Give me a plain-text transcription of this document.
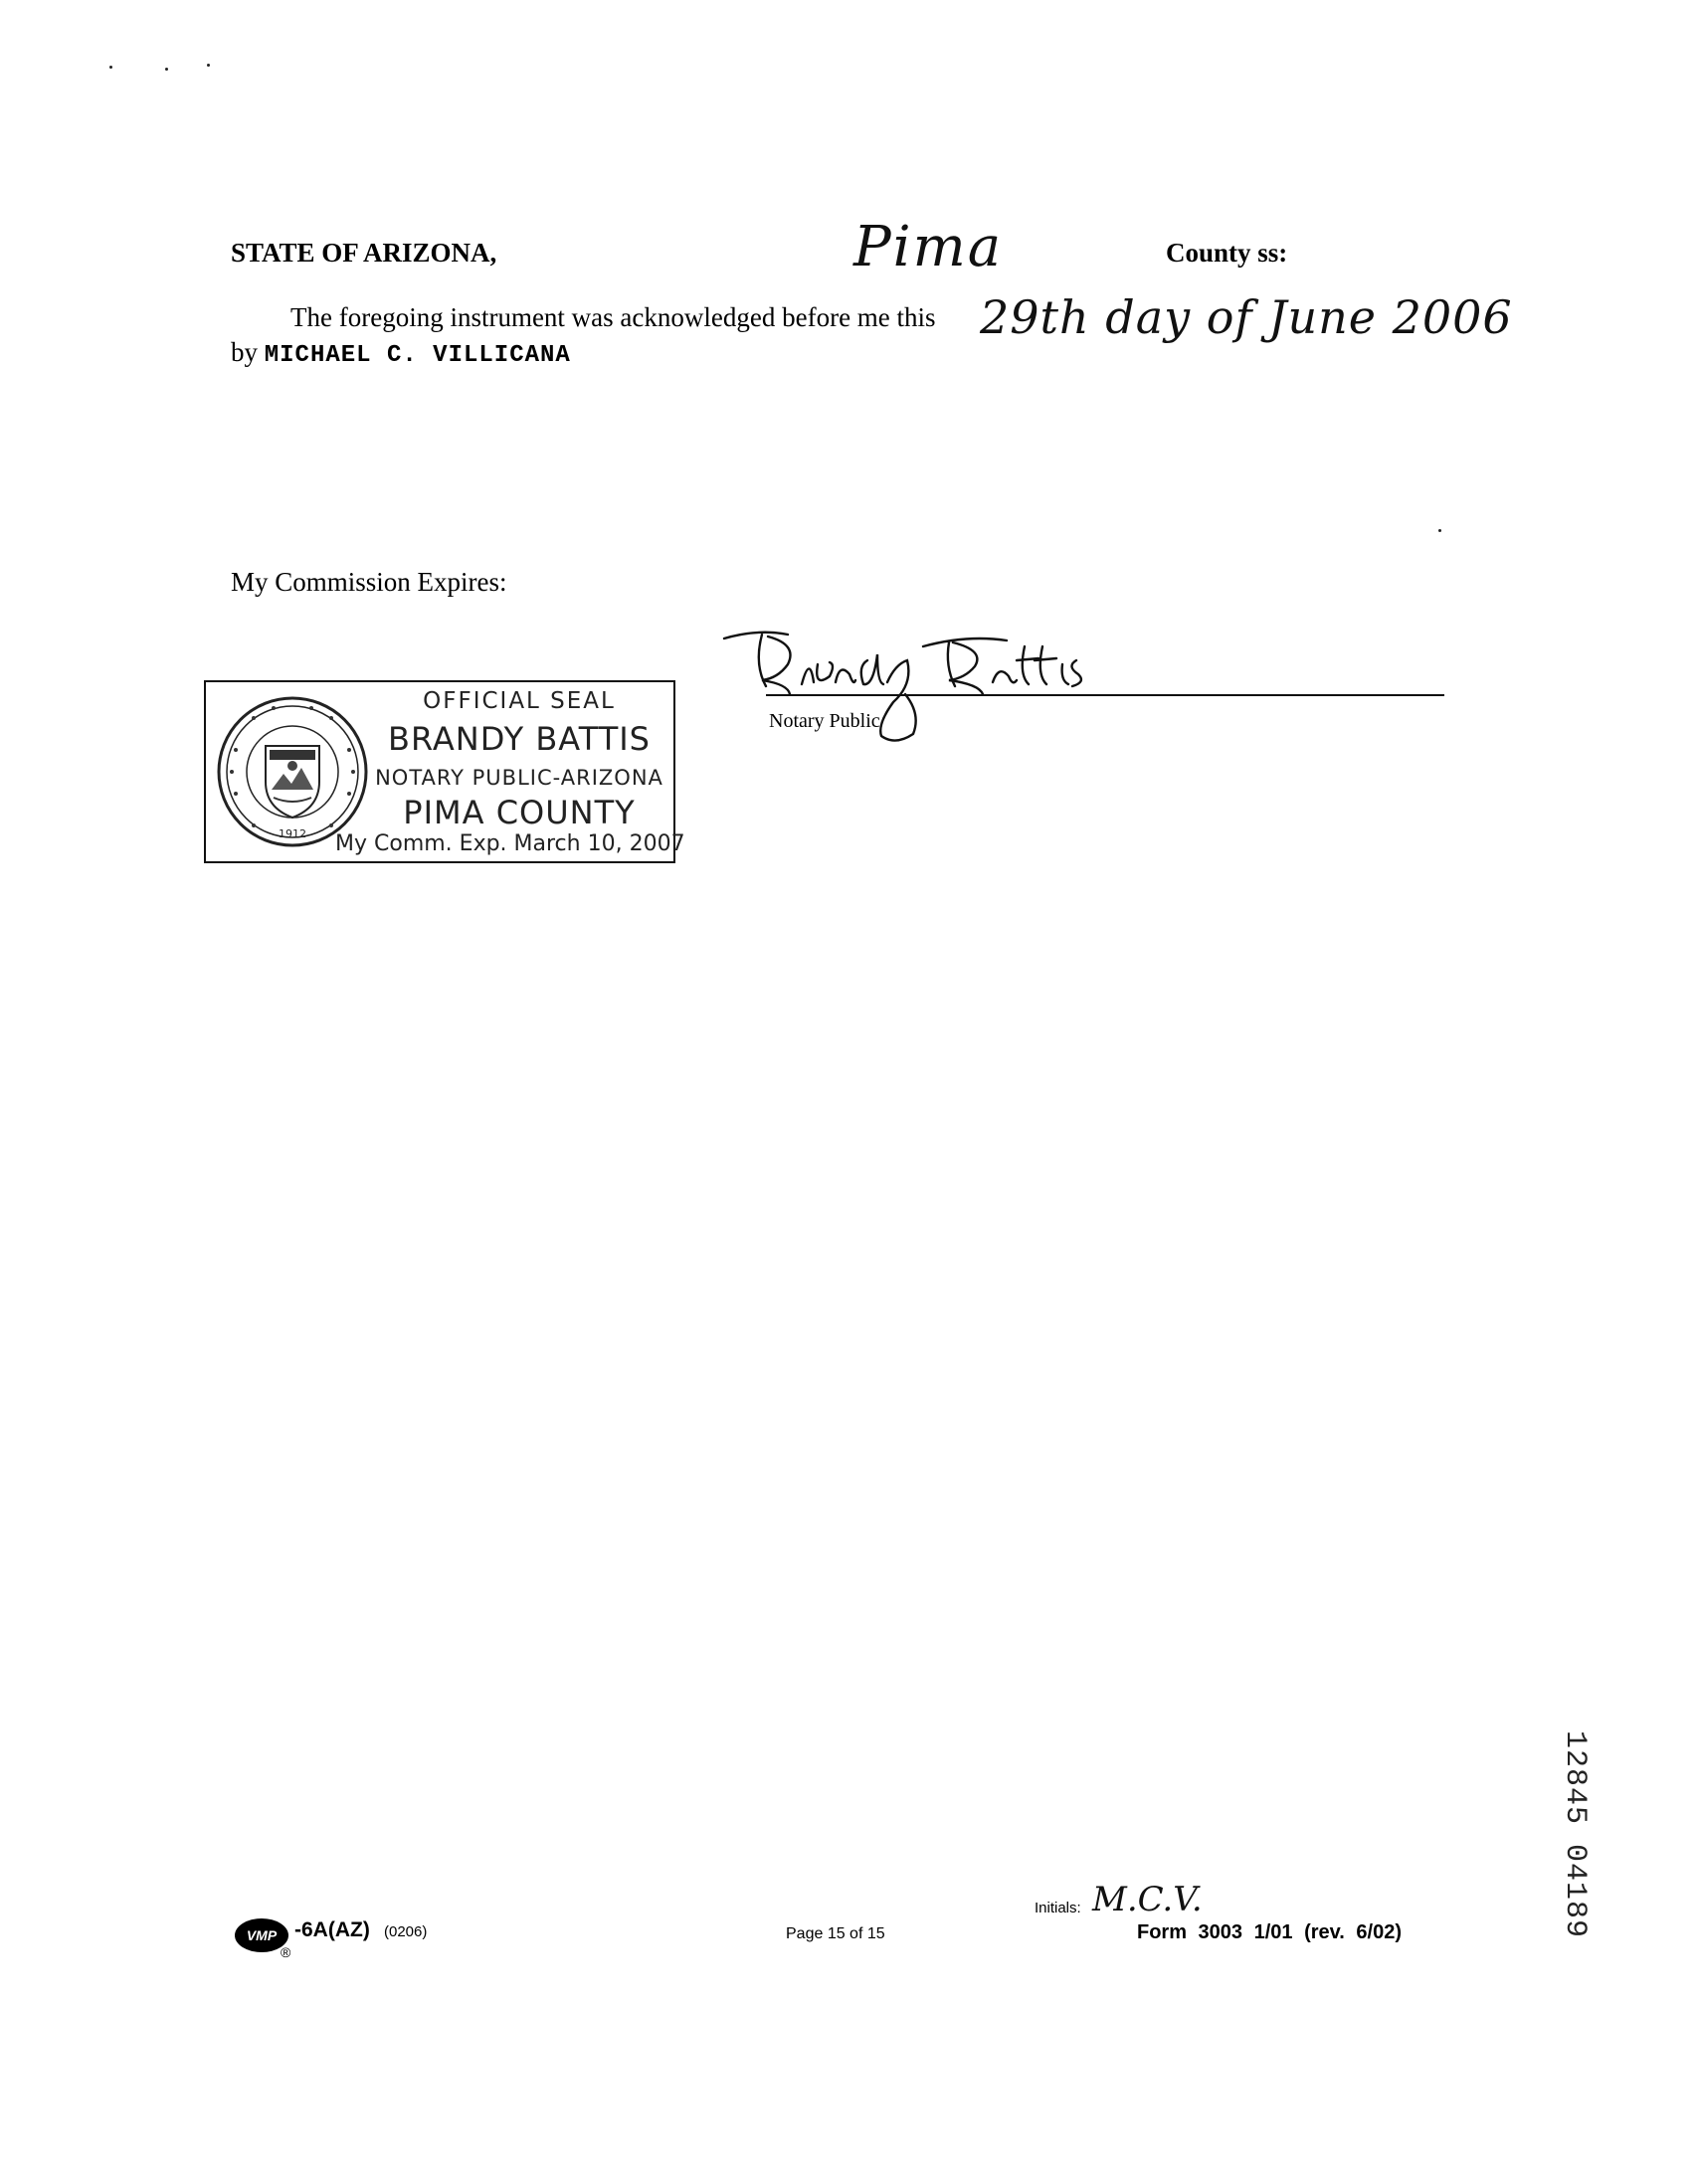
STATE OF ARIZONA,	Pima	County ss:
The foregoing instrument was acknowledged before me this 29th day of June 2006
by MICHAEL C. VILLICANA
My Commission Expires:
1912
OFFICIAL SEAL
BRANDY BATTIS
NOTARY PUBLIC-ARIZONA
PIMA COUNTY
My Comm. Exp. March 10, 2007
Brandy Battis
Notary Public
12845 04189
VMP
®
-6A(AZ) (0206)	Page 15 of 15
Initials: M.C.V.
Form 3003 1/01 (rev. 6/02)
